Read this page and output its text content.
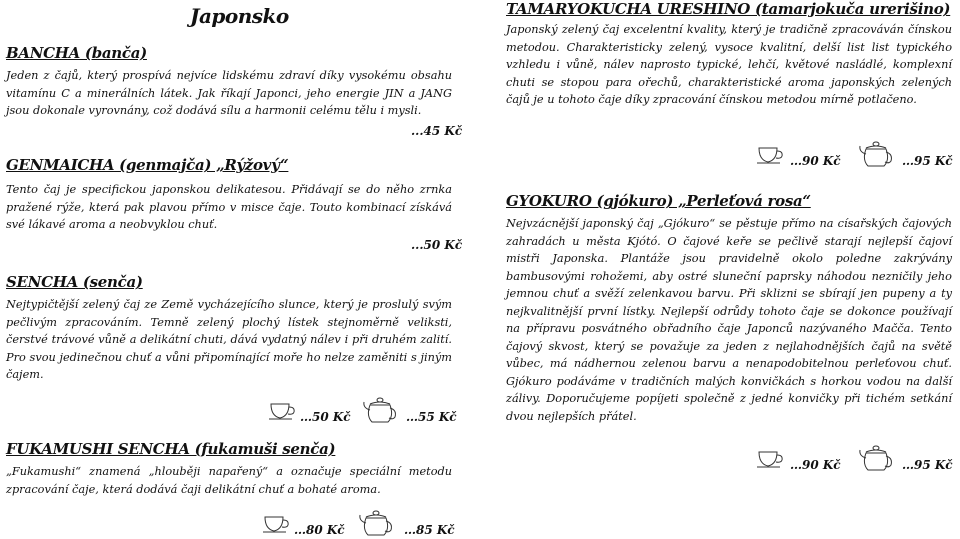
Japonsko
BANCHA (banča)
Jeden z čajů, který prospívá nejvíce lidskému zdraví díky vysokému obsahu vitamínu C a minerálních látek. Jak říkají Japonci, jeho energie JIN a JANG jsou dokonale vyrovnány, což dodává sílu a harmonii celému tělu i mysli.
...45 Kč
GENMAICHA (genmajča) „Rýžový“
Tento čaj je specifickou japonskou delikatesou. Přidávají se do něho zrnka pražené rýže, která pak plavou přímo v misce čaje. Touto kombinací získává své lákavé aroma a neobvyklou chuť.
...50 Kč
SENCHA (senča)
Nejtypičtější zelený čaj ze Země vycházejícího slunce, který je proslulý svým pečlivým zpracováním. Temně zelený plochý lístek stejnoměrně veliksti, čerstvé trávové vůně a delikátní chuti, dává vydatný nálev i při druhém zalití. Pro svou jedinečnou chuť a vůni připomínající moře ho nelze zaměniti s jiným čajem.
…50 Kč	…55 Kč
FUKAMUSHI SENCHA (fukamuši senča)
„Fukamushi“ znamená „hlouběji napařený“ a označuje speciální metodu zpracování čaje, která dodává čaji delikátní chuť a bohaté aroma.
…80 Kč	…85 Kč
TAMARYOKUCHA URESHINO (tamarjokuča urerišino)
Japonský zelený čaj excelentní kvality, který je tradičně zpracováván čínskou metodou. Charakteristicky zelený, vysoce kvalitní, delší list list typického vzhledu i vůně, nálev naprosto typické, lehčí, květové nasládlé, komplexní chuti se stopou para ořechů, charakteristické aroma japonských zelených čajů je u tohoto čaje díky zpracování čínskou metodou mírně potlačeno.
…90 Kč	…95 Kč
GYOKURO (gjókuro) „Perleťová rosa“
Nejvzácnější japonský čaj „Gjókuro“ se pěstuje přímo na císařských čajových zahradách u města Kjótó. O čajové keře se pečlivě starají nejlepší čajoví mistři Japonska. Plantáže jsou pravidelně okolo poledne zakrývány bambusovými rohožemi, aby ostré sluneční paprsky náhodou nezničily jeho jemnou chuť a svěží zelenkavou barvu. Při sklizni se sbírají jen pupeny a ty nejkvalitnější první lístky. Nejlepší odrůdy tohoto čaje se dokonce používají na přípravu posvátného obřadního čaje Japonců nazývaného Maččа. Tento čajový skvost, který se považuje za jeden z nejlahodnějších čajů na světě vůbec, má nádhernou zelenou barvu a nenapodobitelnou perleťovou chuť. Gjókuro podáváme v tradičních malých konvičkách s horkou vodou na další zálivy. Doporučujeme popíjeti společně z jedné konvičky při tichém setkání dvou nejlepších přátel.
…90 Kč	…95 Kč
